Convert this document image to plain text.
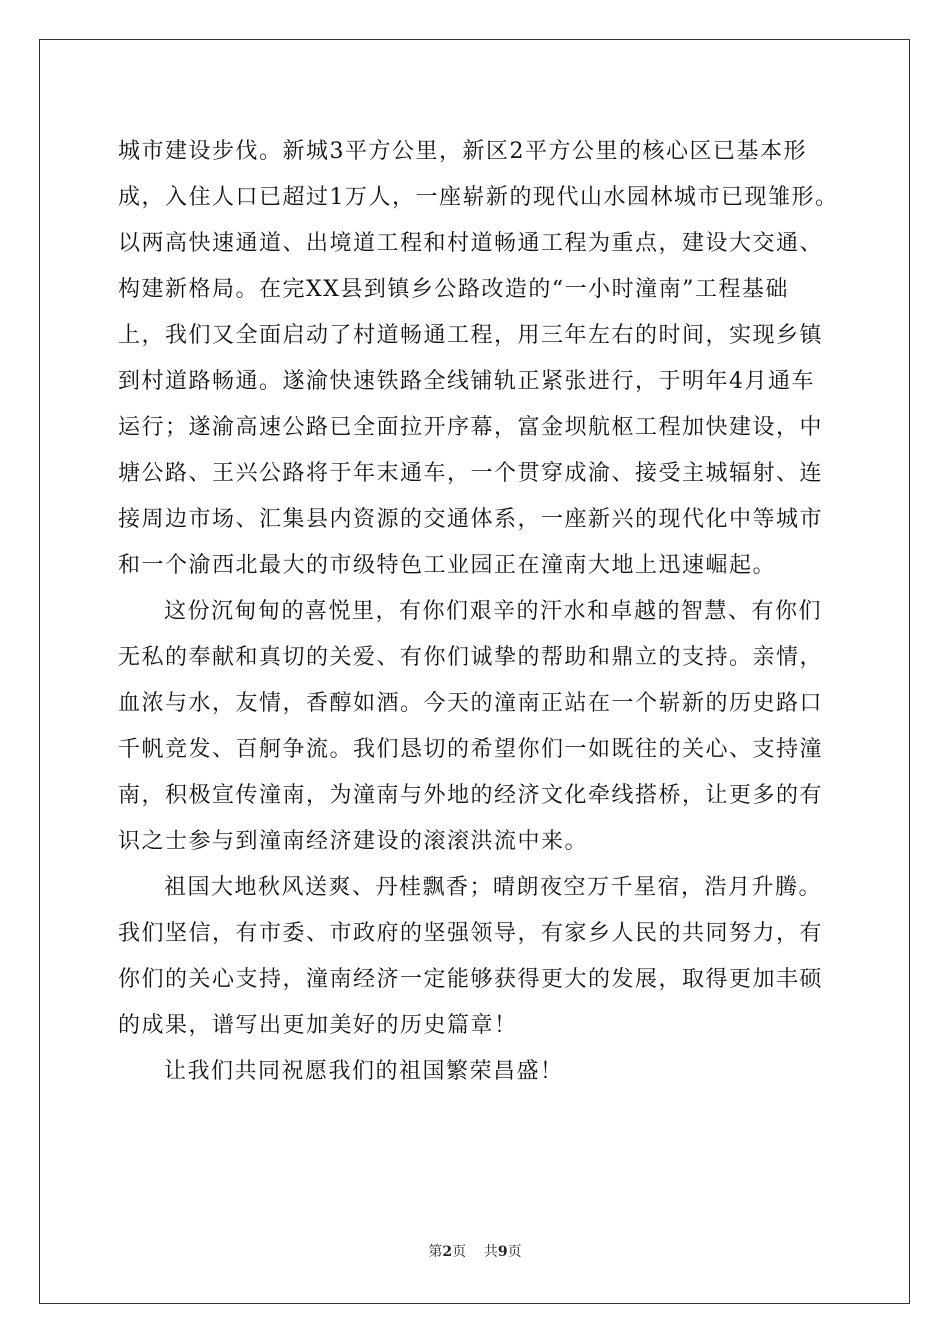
城市建设步伐。新城3平方公里，新区2平方公里的核心区已基本形
成，入住人口已超过1万人，一座崭新的现代山水园林城市已现雏形。
以两高快速通道、出境道工程和村道畅通工程为重点，建设大交通、
构建新格局。在完XX县到镇乡公路改造的“一小时潼南”工程基础
上，我们又全面启动了村道畅通工程，用三年左右的时间，实现乡镇
到村道路畅通。遂渝快速铁路全线铺轨正紧张进行，于明年4月通车
运行；遂渝高速公路已全面拉开序幕，富金坝航枢工程加快建设，中
塘公路、王兴公路将于年末通车，一个贯穿成渝、接受主城辐射、连
接周边市场、汇集县内资源的交通体系，一座新兴的现代化中等城市
和一个渝西北最大的市级特色工业园正在潼南大地上迅速崛起。
这份沉甸甸的喜悦里，有你们艰辛的汗水和卓越的智慧、有你们
无私的奉献和真切的关爱、有你们诚挚的帮助和鼎立的支持。亲情，
血浓与水，友情，香醇如酒。今天的潼南正站在一个崭新的历史路口
千帆竞发、百舸争流。我们恳切的希望你们一如既往的关心、支持潼
南，积极宣传潼南，为潼南与外地的经济文化牵线搭桥，让更多的有
识之士参与到潼南经济建设的滚滚洪流中来。
祖国大地秋风送爽、丹桂飘香；晴朗夜空万千星宿，浩月升腾。
我们坚信，有市委、市政府的坚强领导，有家乡人民的共同努力，有
你们的关心支持，潼南经济一定能够获得更大的发展，取得更加丰硕
的成果，谱写出更加美好的历史篇章！
让我们共同祝愿我们的祖国繁荣昌盛！
第2页 共9页
